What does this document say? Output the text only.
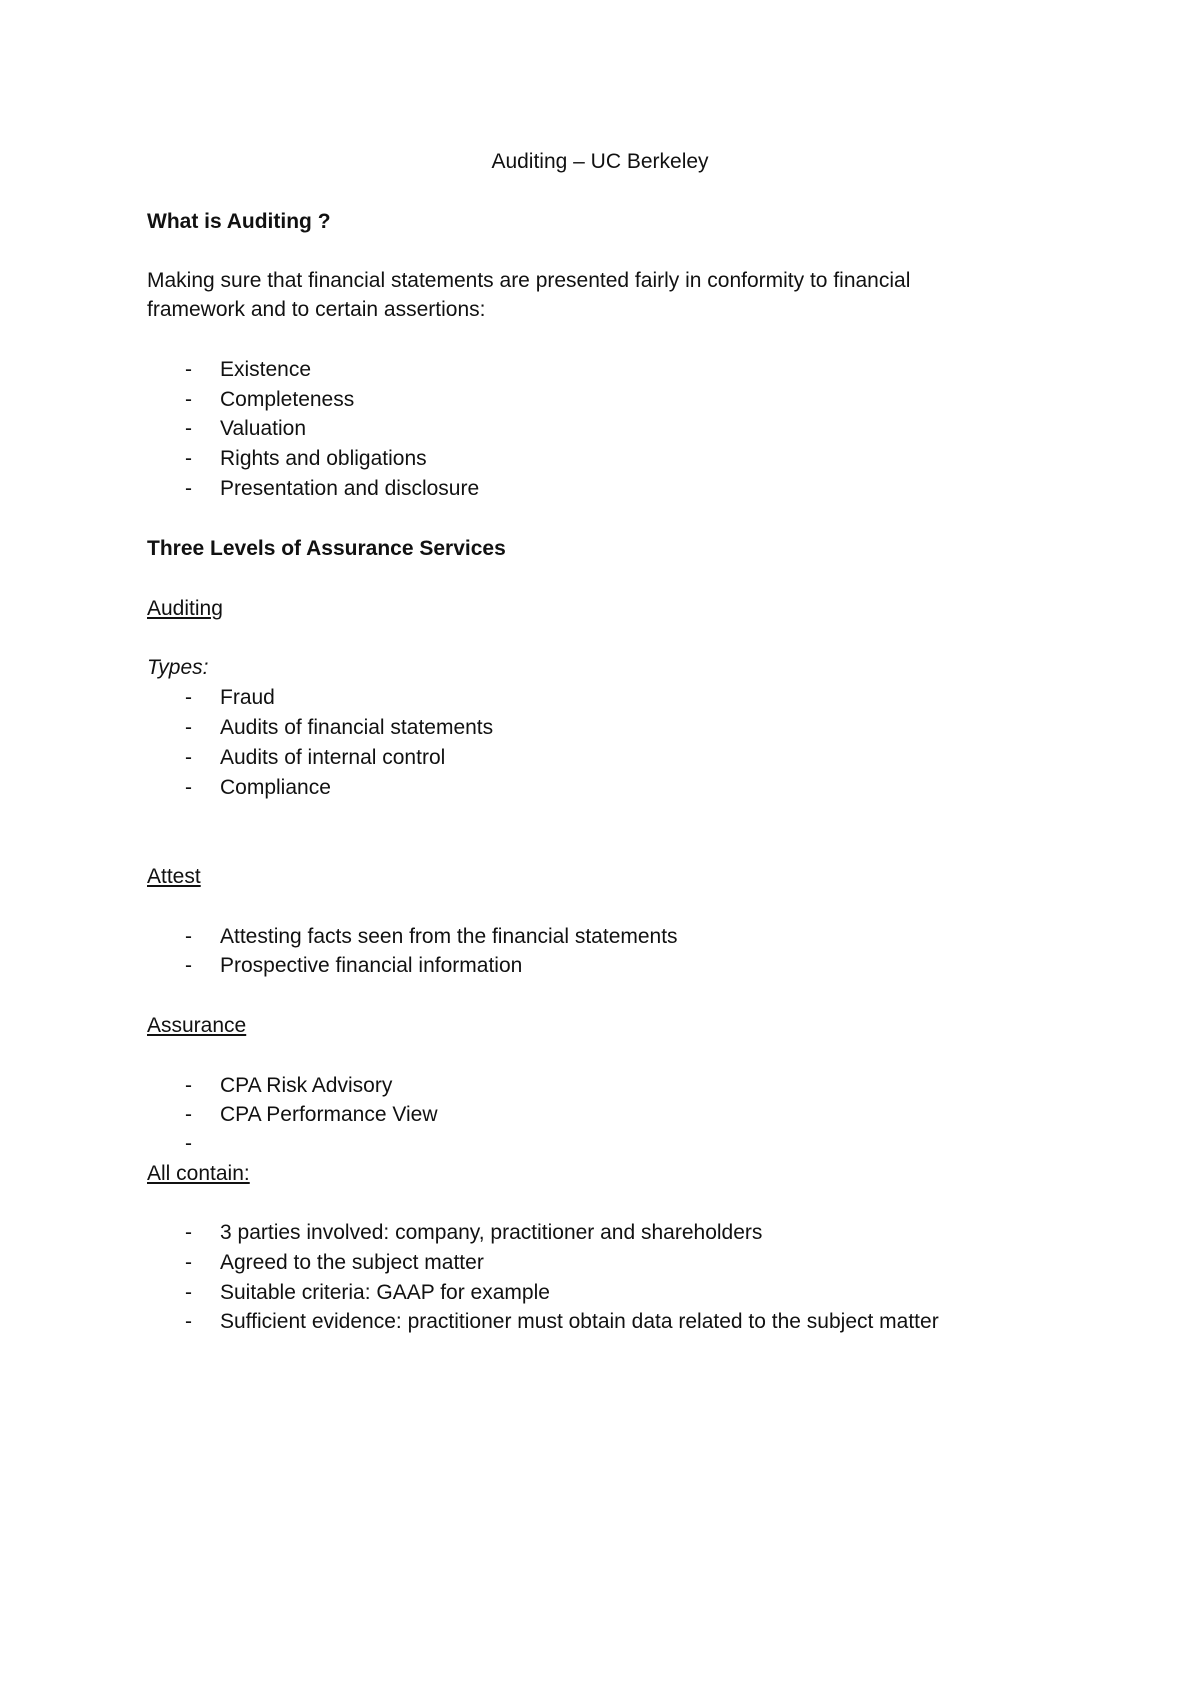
Auditing – UC Berkeley
What is Auditing ?
Making sure that financial statements are presented fairly in conformity to financial
framework and to certain assertions:
- Existence
- Completeness
- Valuation
- Rights and obligations
- Presentation and disclosure
Three Levels of Assurance Services
Auditing
Types:
- Fraud
- Audits of financial statements
- Audits of internal control
- Compliance
Attest
- Attesting facts seen from the financial statements
- Prospective financial information
Assurance
- CPA Risk Advisory
- CPA Performance View
-
All contain:
- 3 parties involved: company, practitioner and shareholders
- Agreed to the subject matter
- Suitable criteria: GAAP for example
- Sufficient evidence: practitioner must obtain data related to the subject matter
